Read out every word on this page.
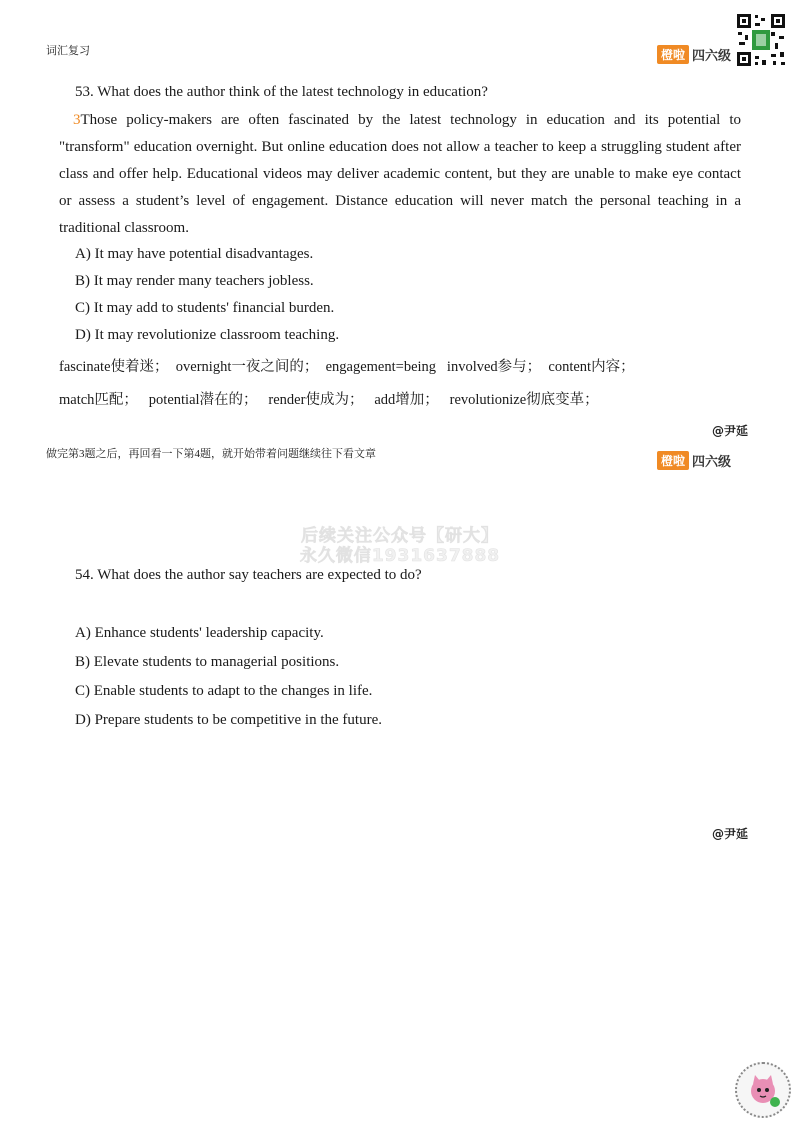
词汇复习	橙啦 四六级
53. What does the author think of the latest technology in education?
3Those policy-makers are often fascinated by the latest technology in education and its potential to "transform" education overnight. But online education does not allow a teacher to keep a struggling student after class and offer help. Educational videos may deliver academic content, but they are unable to make eye contact or assess a student’s level of engagement. Distance education will never match the personal teaching in a traditional classroom.
A) It may have potential disadvantages.
B) It may render many teachers jobless.
C) It may add to students' financial burden.
D) It may revolutionize classroom teaching.
fascinate使着迷；  overnight一夜之间的；  engagement=being   involved参与；  content内容；
match匹配；   potential潜在的；   render使成为；   add增加；   revolutionize彻底变革；
@尹延
做完第3题之后，再回看一下第4题，就开始带着问题继续往下看文章	橙啦 四六级
后续关注公众号【研大】
永久微信1931637888
54. What does the author say teachers are expected to do?
A) Enhance students' leadership capacity.
B) Elevate students to managerial positions.
C) Enable students to adapt to the changes in life.
D) Prepare students to be competitive in the future.
@尹延
